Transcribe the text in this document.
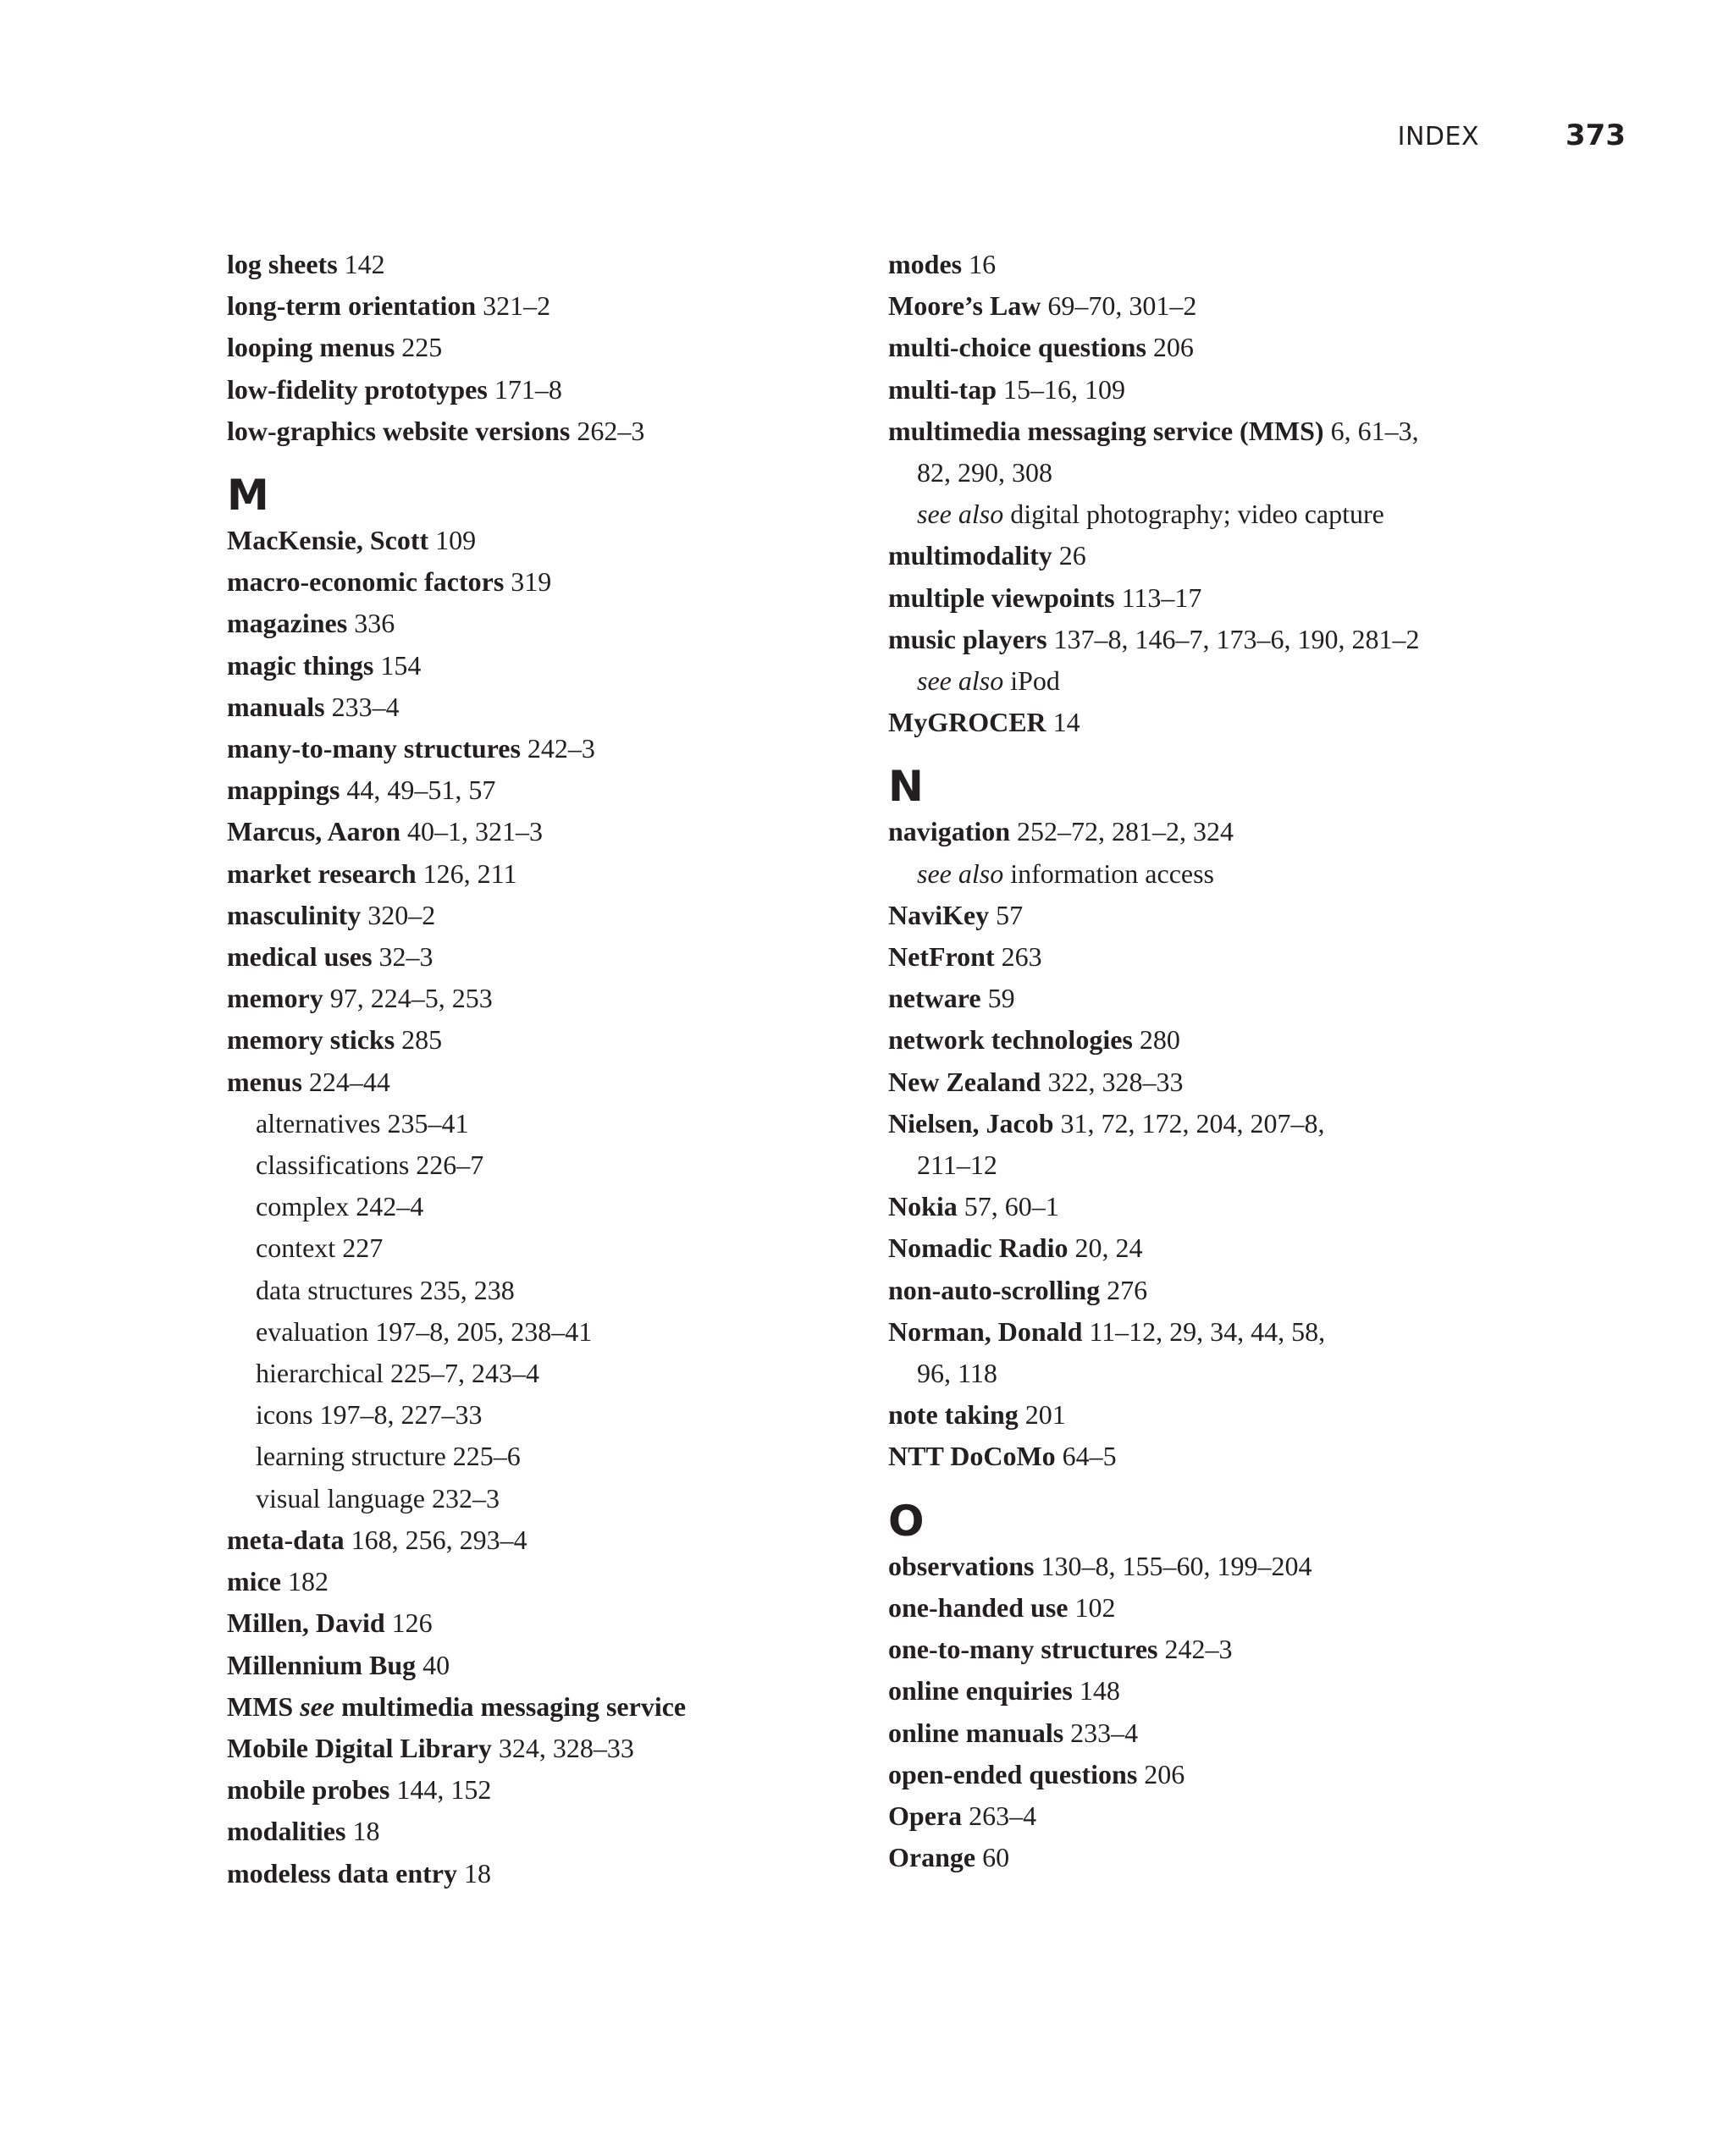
INDEX	373
log sheets 142
long-term orientation 321–2
looping menus 225
low-fidelity prototypes 171–8
low-graphics website versions 262–3
M
MacKensie, Scott 109
macro-economic factors 319
magazines 336
magic things 154
manuals 233–4
many-to-many structures 242–3
mappings 44, 49–51, 57
Marcus, Aaron 40–1, 321–3
market research 126, 211
masculinity 320–2
medical uses 32–3
memory 97, 224–5, 253
memory sticks 285
menus 224–44
alternatives 235–41
classifications 226–7
complex 242–4
context 227
data structures 235, 238
evaluation 197–8, 205, 238–41
hierarchical 225–7, 243–4
icons 197–8, 227–33
learning structure 225–6
visual language 232–3
meta-data 168, 256, 293–4
mice 182
Millen, David 126
Millennium Bug 40
MMS see multimedia messaging service
Mobile Digital Library 324, 328–33
mobile probes 144, 152
modalities 18
modeless data entry 18
modes 16
Moore’s Law 69–70, 301–2
multi-choice questions 206
multi-tap 15–16, 109
multimedia messaging service (MMS) 6, 61–3,
82, 290, 308
see also digital photography; video capture
multimodality 26
multiple viewpoints 113–17
music players 137–8, 146–7, 173–6, 190, 281–2
see also iPod
MyGROCER 14
N
navigation 252–72, 281–2, 324
see also information access
NaviKey 57
NetFront 263
netware 59
network technologies 280
New Zealand 322, 328–33
Nielsen, Jacob 31, 72, 172, 204, 207–8,
211–12
Nokia 57, 60–1
Nomadic Radio 20, 24
non-auto-scrolling 276
Norman, Donald 11–12, 29, 34, 44, 58,
96, 118
note taking 201
NTT DoCoMo 64–5
O
observations 130–8, 155–60, 199–204
one-handed use 102
one-to-many structures 242–3
online enquiries 148
online manuals 233–4
open-ended questions 206
Opera 263–4
Orange 60
